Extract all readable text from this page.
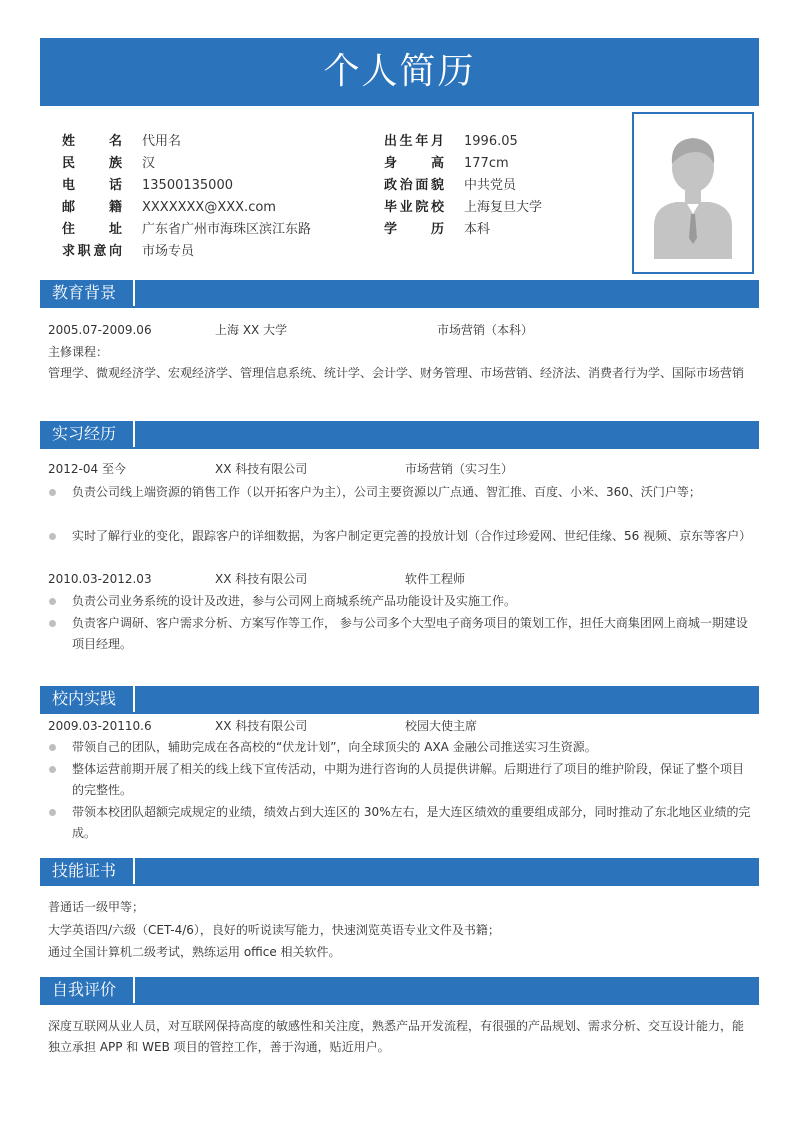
个人简历
姓名 代用名
民族 汉
电话 13500135000
邮籍 XXXXXXX@XXX.com
住址 广东省广州市海珠区滨江东路
求职意向 市场专员
出生年月 1996.05
身高 177cm
政治面貌 中共党员
毕业院校 上海复旦大学
学历 本科
教育背景
2005.07-2009.06	上海 XX 大学	市场营销（本科）
主修课程：
管理学、微观经济学、宏观经济学、管理信息系统、统计学、会计学、财务管理、市场营销、经济法、消费者行为学、国际市场营销
实习经历
2012-04 至今	XX 科技有限公司	市场营销（实习生）
负责公司线上端资源的销售工作（以开拓客户为主），公司主要资源以广点通、智汇推、百度、小米、360、沃门户等；
实时了解行业的变化，跟踪客户的详细数据，为客户制定更完善的投放计划（合作过珍爱网、世纪佳缘、56 视频、京东等客户）
2010.03-2012.03	XX 科技有限公司	软件工程师
负责公司业务系统的设计及改进，参与公司网上商城系统产品功能设计及实施工作。
负责客户调研、客户需求分析、方案写作等工作， 参与公司多个大型电子商务项目的策划工作，担任大商集团网上商城一期建设项目经理。
校内实践
2009.03-20110.6	XX 科技有限公司	校园大使主席
带领自己的团队，辅助完成在各高校的“伏龙计划”，向全球顶尖的 AXA 金融公司推送实习生资源。
整体运营前期开展了相关的线上线下宣传活动，中期为进行咨询的人员提供讲解。后期进行了项目的维护阶段，保证了整个项目的完整性。
带领本校团队超额完成规定的业绩，绩效占到大连区的 30%左右，是大连区绩效的重要组成部分，同时推动了东北地区业绩的完成。
技能证书
普通话一级甲等；
大学英语四/六级（CET-4/6），良好的听说读写能力，快速浏览英语专业文件及书籍；
通过全国计算机二级考试，熟练运用 office 相关软件。
自我评价
深度互联网从业人员，对互联网保持高度的敏感性和关注度，熟悉产品开发流程，有很强的产品规划、需求分析、交互设计能力，能独立承担 APP 和 WEB 项目的管控工作，善于沟通，贴近用户。
